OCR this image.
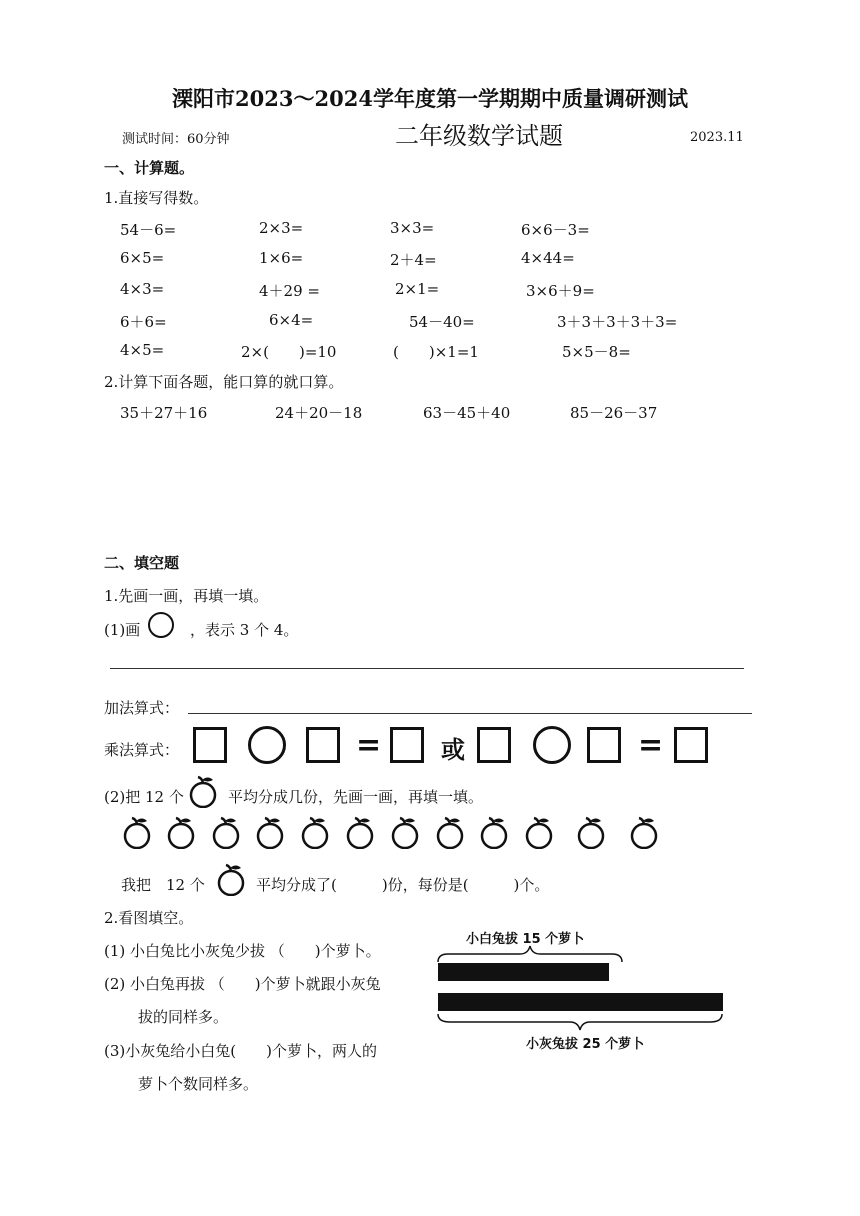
溧阳市2023～2024学年度第一学期期中质量调研测试
测试时间：60分钟	二年级数学试题	2023.11
一、计算题。
1.直接写得数。
54－6=	2×3=	3×3=	6×6－3=
6×5=	1×6=	2＋4=	4×44=
4×3=	4＋29 =	2×1=	3×6＋9=
6＋6=	6×4=	54－40=	3＋3＋3＋3＋3=
4×5=	2×(　　)=10	(　　)×1=1	5×5－8=
2.计算下面各题，能口算的就口算。
35＋27＋16	24＋20－18	63－45＋40	85－26－37
二、填空题
1.先画一画，再填一填。
(1)画	，表示 3 个 4。
加法算式：
乘法算式：	= 或	=
(2)把 12 个	平均分成几份，先画一画，再填一填。
我把　12 个	平均分成了(　　　)份，每份是(　　　)个。
2.看图填空。
(1) 小白兔比小灰兔少拔 （　　)个萝卜。
(2) 小白兔再拔 （　　)个萝卜就跟小灰兔
拔的同样多。
(3)小灰兔给小白兔(　　)个萝卜，两人的
萝卜个数同样多。
小白兔拔 15 个萝卜
小灰兔拔 25 个萝卜
